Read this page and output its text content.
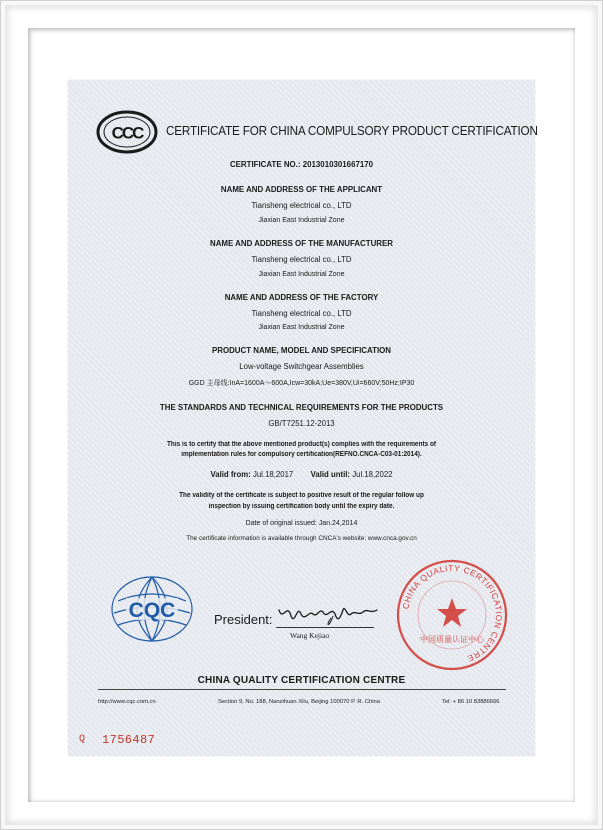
CCC CERTIFICATE FOR CHINA COMPULSORY PRODUCT CERTIFICATION
CERTIFICATE NO.: 2013010301667170
NAME AND ADDRESS OF THE APPLICANT
Tiansheng electrical co., LTD
Jiaxian East Industrial Zone
NAME AND ADDRESS OF THE MANUFACTURER
Tiansheng electrical co., LTD
Jiaxian East Industrial Zone
NAME AND ADDRESS OF THE FACTORY
Tiansheng electrical co., LTD
Jiaxian East Industrial Zone
PRODUCT NAME, MODEL AND SPECIFICATION
Low-voltage Switchgear Assemblies
GGD 主母线:InA=1600A～600A,Icw=30kA;Ue=380V,Ui=660V;50Hz;IP30
THE STANDARDS AND TECHNICAL REQUIREMENTS FOR THE PRODUCTS
GB/T7251.12-2013
This is to certify that the above mentioned product(s) complies with the requirements of
implementation rules for compulsory certification(REFNO.CNCA-C03-01:2014).
Valid from: Jul.18,2017 Valid until: Jul.18,2022
The validity of the certificate is subject to positive result of the regular follow up
inspection by issuing certification body until the expiry date.
Date of original issued: Jan.24,2014
The certificate information is available through CNCA's website: www.cnca.gov.cn
CQC	President:
Wang Kejiao
CHINA QUALITY CERTIFICATION CENTRE
中国质量认证中心
CHINA QUALITY CERTIFICATION CENTRE
http://www.cqc.com.cn	Section 9, No. 188, Nansihuan Xilu, Beijing 100070 P. R. China	Tel: + 86 10 83886666
Q 1756487
